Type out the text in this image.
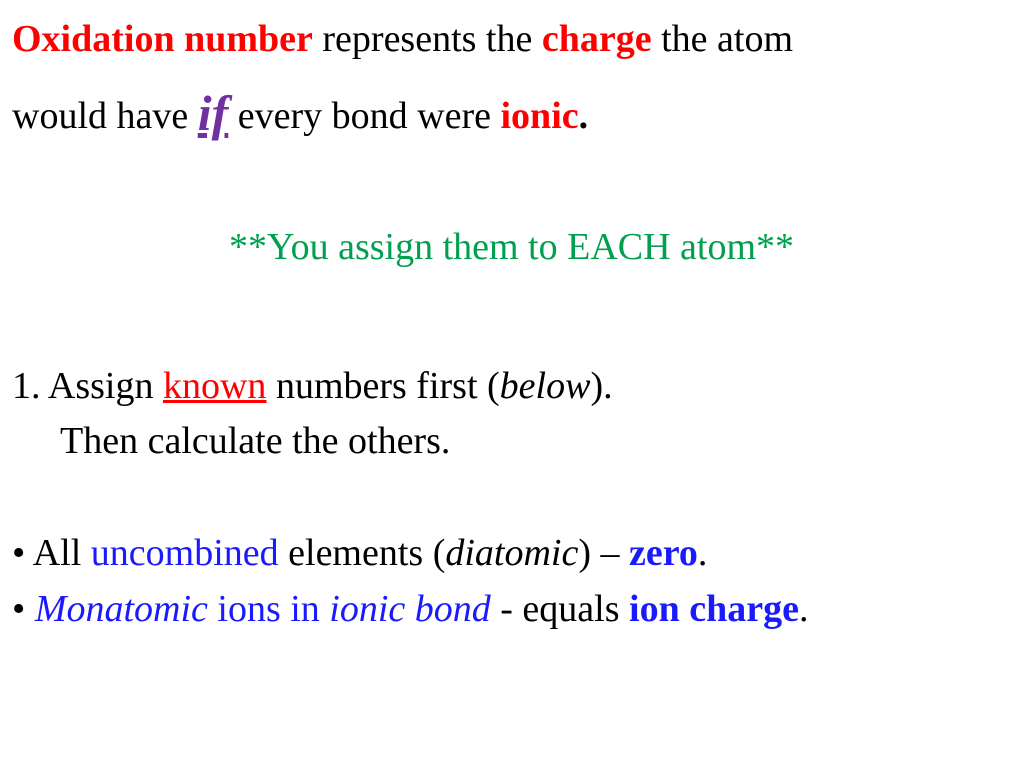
Oxidation number represents the charge the atom
would have if every bond were ionic.
**You assign them to EACH atom**
1. Assign known numbers first (below).
Then calculate the others.
• All uncombined elements (diatomic) – zero.
• Monatomic ions in ionic bond - equals ion charge.
